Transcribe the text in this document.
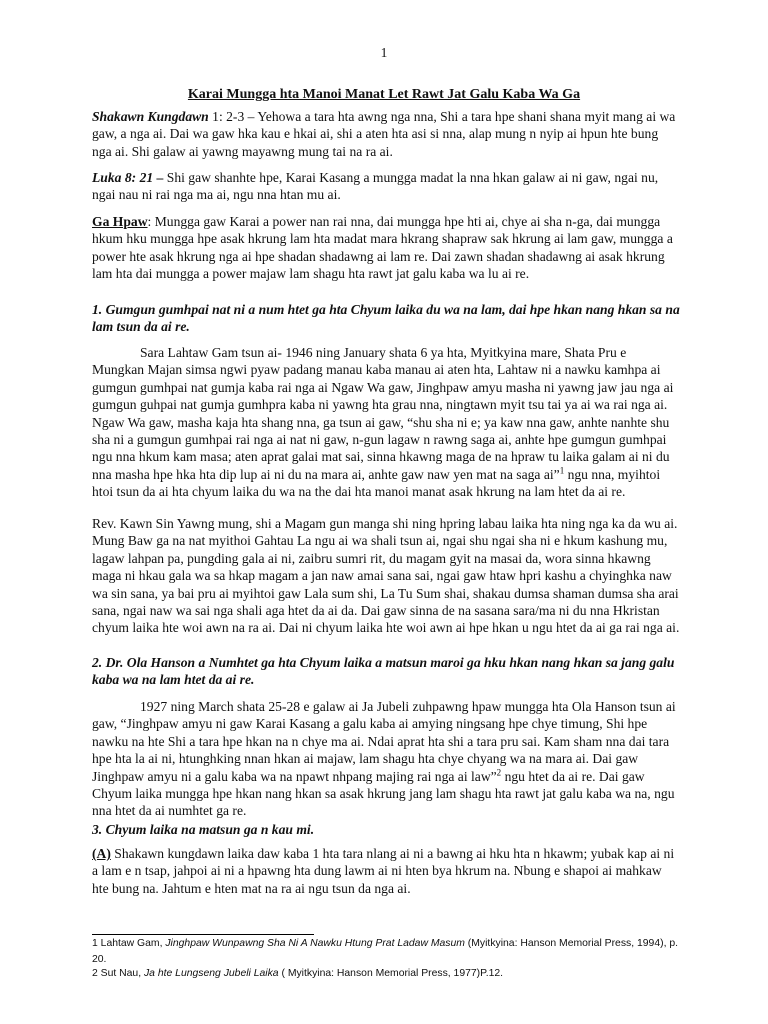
1
Karai Mungga hta Manoi Manat Let Rawt Jat Galu Kaba Wa Ga

Shakawn Kungdawn 1: 2-3 – Yehowa a tara hta awng nga nna, Shi a tara hpe shani shana myit mang ai wa gaw, a nga ai. Dai wa gaw hka kau e hkai ai, shi a aten hta asi si nna, alap mung n nyip ai hpun hte bung nga ai. Shi galaw ai yawng mayawng mung tai na ra ai.

Luka 8: 21 – Shi gaw shanhte hpe, Karai Kasang a mungga madat la nna hkan galaw ai ni gaw, ngai nu, ngai nau ni rai nga ma ai, ngu nna htan mu ai.

Ga Hpaw: Mungga gaw Karai a power nan rai nna, dai mungga hpe hti ai, chye ai sha n-ga, dai mungga hkum hku mungga hpe asak hkrung lam hta madat mara hkrang shapraw sak hkrung ai lam gaw, mungga a power hte asak hkrung nga ai hpe shadan shadawng ai lam re. Dai zawn shadan shadawng ai asak hkrung lam hta dai mungga a power majaw lam shagu hta rawt jat galu kaba wa lu ai re.

1. Gumgun gumhpai nat ni a num htet ga hta Chyum laika du wa na lam, dai hpe hkan nang hkan sa na lam tsun da ai re.

Sara Lahtaw Gam tsun ai- 1946 ning January shata 6 ya hta, Myitkyina mare, Shata Pru e Mungkan Majan simsa ngwi pyaw padang manau kaba manau ai aten hta, Lahtaw ni a nawku kamhpa ai gumgun gumhpai nat gumja kaba rai nga ai Ngaw Wa gaw, Jinghpaw amyu masha ni yawng jaw jau nga ai gumgun guhpai nat gumja gumhpra kaba ni yawng hta grau nna, ningtawn myit tsu tai ya ai wa rai nga ai. Ngaw Wa gaw, masha kaja hta shang nna, ga tsun ai gaw, “shu sha ni e; ya kaw nna gaw, anhte nanhte shu sha ni a gumgun gumhpai rai nga ai nat ni gaw, n-gun lagaw n rawng saga ai, anhte hpe gumgun gumhpai ngu nna hkum kam masa; aten aprat galai mat sai, sinna hkawng maga de na hpraw tu laika galam ai ni du nna masha hpe hka hta dip lup ai ni du na mara ai, anhte gaw naw yen mat na saga ai”$^1$ ngu nna, myihtoi htoi tsun da ai hta chyum laika du wa na the dai hta manoi manat asak hkrung na lam htet da ai re.

Rev. Kawn Sin Yawng mung, shi a Magam gun manga shi ning hpring labau laika hta ning nga ka da wu ai. Mung Baw ga na nat myithoi Gahtau La ngu ai wa shali tsun ai, ngai shu ngai sha ni e hkum kashung mu, lagaw lahpan pa, pungding gala ai ni, zaibru sumri rit, du magam gyit na masai da, wora sinna hkawng maga ni hkau gala wa sa hkap magam a jan naw amai sana sai, ngai gaw htaw hpri kashu a chyinghka naw wa sin sana, ya bai pru ai myihtoi gaw Lala sum shi, La Tu Sum shai, shakau dumsa shaman dumsa sha arai sana, ngai naw wa sai nga shali aga htet da ai da. Dai gaw sinna de na sasana sara/ma ni du nna Hkristan chyum laika hte woi awn na ra ai. Dai ni chyum laika hte woi awn ai hpe hkan u ngu htet da ai ga rai nga ai.

2. Dr. Ola Hanson a Numhtet ga hta Chyum laika a matsun maroi ga hku hkan nang hkan sa jang galu kaba wa na lam htet da ai re.

1927 ning March shata 25-28 e galaw ai Ja Jubeli zuhpawng hpaw mungga hta Ola Hanson tsun ai gaw, “Jinghpaw amyu ni gaw Karai Kasang a galu kaba ai amying ningsang hpe chye timung, Shi hpe nawku na hte Shi a tara hpe hkan na n chye ma ai. Ndai aprat hta shi a tara pru sai. Kam sham nna dai tara hpe hta la ai ni, htunghking nnan hkan ai majaw, lam shagu hta chye chyang wa na mara ai. Dai gaw Jinghpaw amyu ni a galu kaba wa na npawt nhpang majing rai nga ai law”$^2$ ngu htet da ai re. Dai gaw Chyum laika mungga hpe hkan nang hkan sa asak hkrung jang lam shagu hta rawt jat galu kaba wa na, ngu nna htet da ai numhtet ga re.

3. Chyum laika na matsun ga n kau mi.

(A) Shakawn kungdawn laika daw kaba 1 hta tara nlang ai ni a bawng ai hku hta n hkawm; yubak kap ai ni a lam e n tsap, jahpoi ai ni a hpawng hta dung lawm ai ni hten bya hkrum na. Nbung e shapoi ai mahkaw hte bung na. Jahtum e hten mat na ra ai ngu tsun da nga ai.

1 Lahtaw Gam, Jinghpaw Wunpawng Sha Ni A Nawku Htung Prat Ladaw Masum (Myitkyina: Hanson Memorial Press, 1994), p. 20.

2 Sut Nau, Ja hte Lungseng Jubeli Laika ( Myitkyina: Hanson Memorial Press, 1977)P.12.
